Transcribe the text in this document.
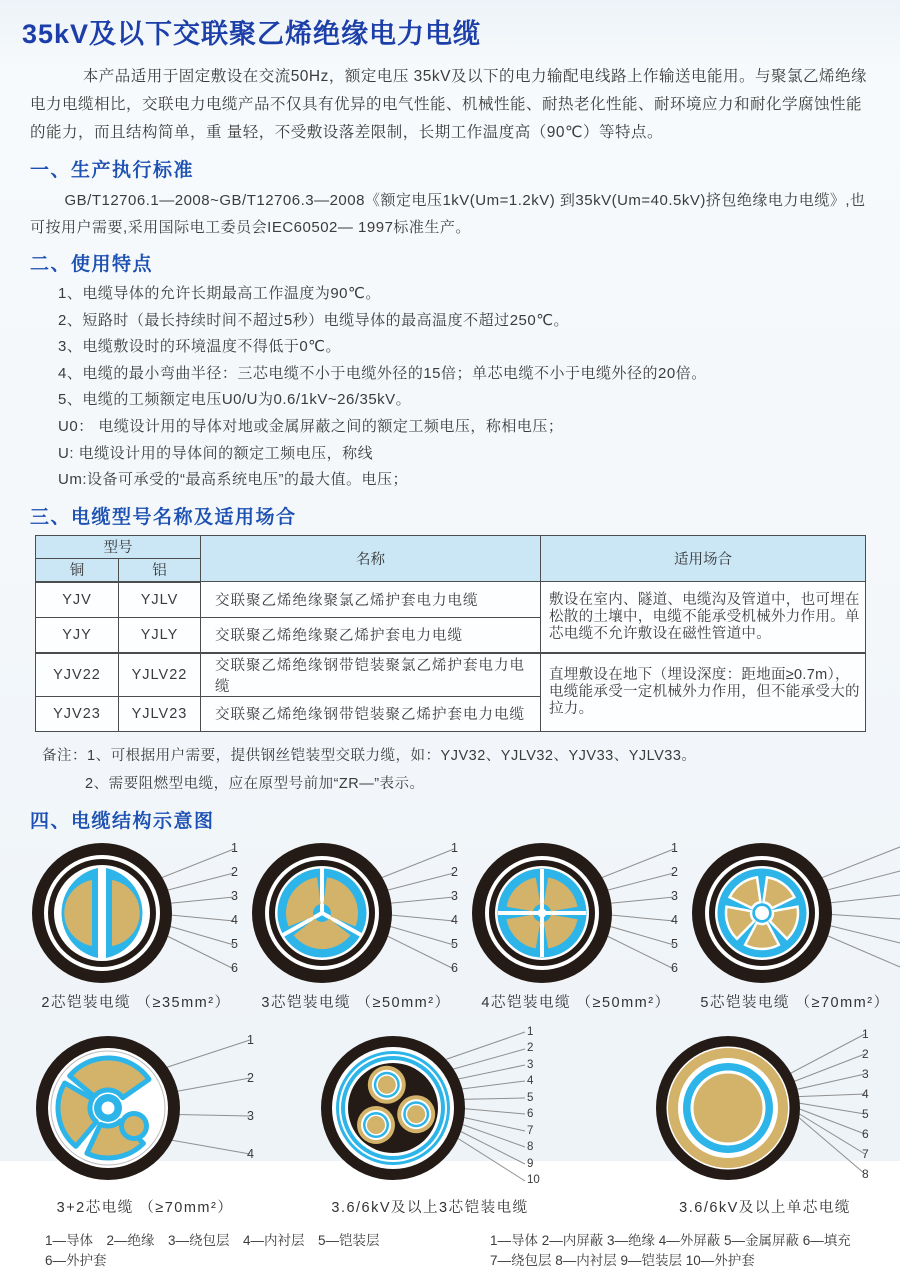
35kV及以下交联聚乙烯绝缘电力电缆

本产品适用于固定敷设在交流50Hz，额定电压 35kV及以下的电力输配电线路上作输送电能用。与聚氯乙烯绝缘电力电缆相比，交联电力电缆产品不仅具有优异的电气性能、机械性能、耐热老化性能、耐环境应力和耐化学腐蚀性能的能力，而且结构简单，重 量轻，不受敷设落差限制，长期工作温度高（90℃）等特点。

一、生产执行标准

GB/T12706.1—2008~GB/T12706.3—2008《额定电压1kV(Um=1.2kV) 到35kV(Um=40.5kV)挤包绝缘电力电缆》,也可按用户需要,采用国际电工委员会IEC60502— 1997标准生产。

二、使用特点
1、电缆导体的允许长期最高工作温度为90℃。
2、短路时（最长持续时间不超过5秒）电缆导体的最高温度不超过250℃。
3、电缆敷设时的环境温度不得低于0℃。
4、电缆的最小弯曲半径：三芯电缆不小于电缆外径的15倍；单芯电缆不小于电缆外径的20倍。
5、电缆的工频额定电压U0/U为0.6/1kV~26/35kV。
U0： 电缆设计用的导体对地或金属屏蔽之间的额定工频电压，称相电压；
U: 电缆设计用的导体间的额定工频电压，称线
Um:设备可承受的“最高系统电压”的最大值。电压；
三、电缆型号名称及适用场合
型号		名称	适用场合
铜	铝		
YJV	YJLV	交联聚乙烯绝缘聚氯乙烯护套电力电缆	敷设在室内、隧道、电缆沟及管道中，也可埋在松散的土壤中，电缆不能承受机械外力作用。单芯电缆不允许敷设在磁性管道中。
YJY	YJLY	交联聚乙烯绝缘聚乙烯护套电力电缆	
YJV22	YJLV22	交联聚乙烯绝缘钢带铠装聚氯乙烯护套电力电缆	直埋敷设在地下（埋设深度：距地面≥0.7m），电缆能承受一定机械外力作用，但不能承受大的拉力。
YJV23	YJLV23	交联聚乙烯绝缘钢带铠装聚乙烯护套电力电缆	
备注：1、可根据用户需要，提供钢丝铠装型交联力缆，如：YJV32、YJLV32、YJV33、YJLV33。
2、需要阻燃型电缆，应在原型号前加“ZR—”表示。
四、电缆结构示意图
1
2
3
4
5
6
2芯铠装电缆 （≥35mm²）
1
2
3
4
5
6
3芯铠装电缆 （≥50mm²）
1
2
3
4
5
6
4芯铠装电缆 （≥50mm²）	5芯铠装电缆 （≥70mm²）
1
2
3
4
3+2芯电缆 （≥70mm²）
1
2
3
4
5
6
7
8
9
10
3.6/6kV及以上3芯铠装电缆
1
2
3
4
5
6
7
8
3.6/6kV及以上单芯电缆
1—导体　2—绝缘　3—绕包层　4—内衬层　5—铠装层
6—外护套
1—导体 2—内屏蔽 3—绝缘 4—外屏蔽 5—金属屏蔽 6—填充
7—绕包层 8—内衬层 9—铠装层 10—外护套
